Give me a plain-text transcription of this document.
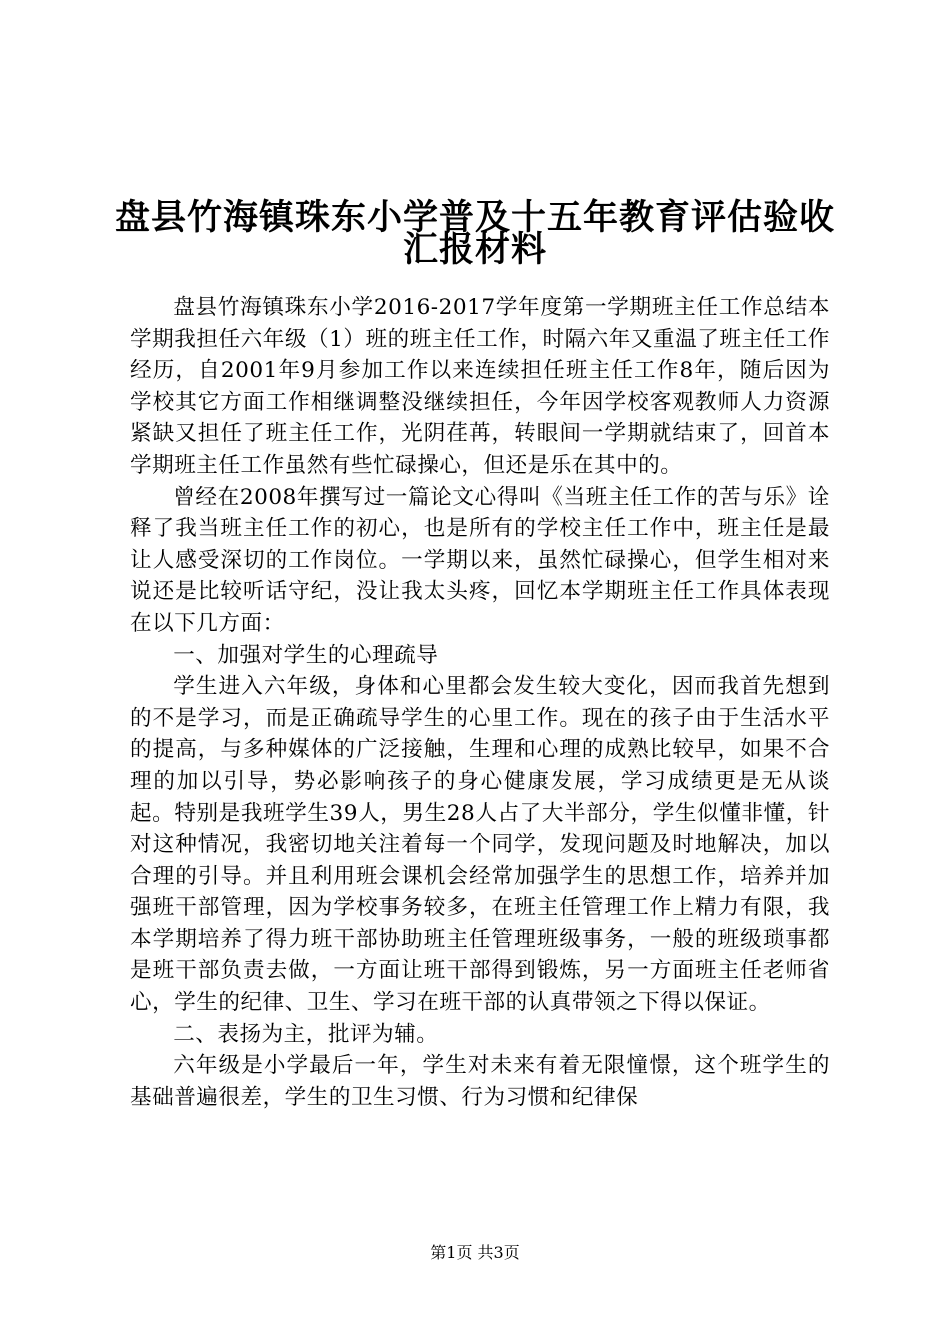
盘县竹海镇珠东小学普及十五年教育评估验收
汇报材料

盘县竹海镇珠东小学2016-2017学年度第一学期班主任工作总结本学期我担任六年级（1）班的班主任工作，时隔六年又重温了班主任工作经历，自2001年9月参加工作以来连续担任班主任工作8年，随后因为学校其它方面工作相继调整没继续担任，今年因学校客观教师人力资源紧缺又担任了班主任工作，光阴荏苒，转眼间一学期就结束了，回首本学期班主任工作虽然有些忙碌操心，但还是乐在其中的。

曾经在2008年撰写过一篇论文心得叫《当班主任工作的苦与乐》诠释了我当班主任工作的初心，也是所有的学校主任工作中，班主任是最让人感受深切的工作岗位。一学期以来，虽然忙碌操心，但学生相对来说还是比较听话守纪，没让我太头疼，回忆本学期班主任工作具体表现在以下几方面：

一、加强对学生的心理疏导

学生进入六年级，身体和心里都会发生较大变化，因而我首先想到的不是学习，而是正确疏导学生的心里工作。现在的孩子由于生活水平的提高，与多种媒体的广泛接触，生理和心理的成熟比较早，如果不合理的加以引导，势必影响孩子的身心健康发展，学习成绩更是无从谈起。特别是我班学生39人，男生28人占了大半部分，学生似懂非懂，针对这种情况，我密切地关注着每一个同学，发现问题及时地解决，加以合理的引导。并且利用班会课机会经常加强学生的思想工作，培养并加强班干部管理，因为学校事务较多，在班主任管理工作上精力有限，我本学期培养了得力班干部协助班主任管理班级事务，一般的班级琐事都是班干部负责去做，一方面让班干部得到锻炼，另一方面班主任老师省心，学生的纪律、卫生、学习在班干部的认真带领之下得以保证。

二、表扬为主，批评为辅。

六年级是小学最后一年，学生对未来有着无限憧憬，这个班学生的基础普遍很差，学生的卫生习惯、行为习惯和纪律保

第1页 共3页
